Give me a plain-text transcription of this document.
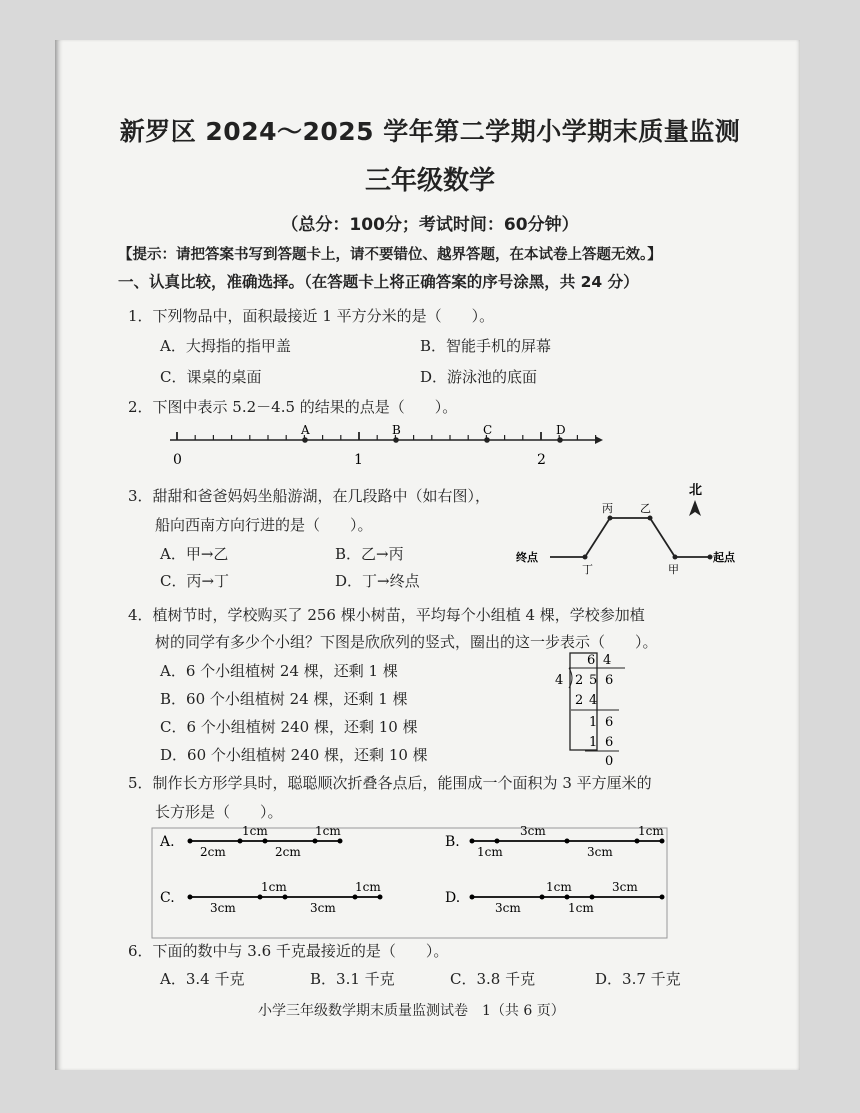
新罗区 2024～2025 学年第二学期小学期末质量监测
三年级数学
（总分：100分；考试时间：60分钟）
【提示：请把答案书写到答题卡上，请不要错位、越界答题，在本试卷上答题无效。】
一、认真比较，准确选择。（在答题卡上将正确答案的序号涂黑，共 24 分）
1．下列物品中，面积最接近 1 平方分米的是（　　）。
A．大拇指的指甲盖	B．智能手机的屏幕
C．课桌的桌面	D．游泳池的底面
2．下图中表示 5.2－4.5 的结果的点是（　　）。
0	1	2
A	B	C	D
3．甜甜和爸爸妈妈坐船游湖，在几段路中（如右图），
船向西南方向行进的是（　　）。
A．甲→乙	B．乙→丙
C．丙→丁	D．丁→终点
终点	起点
丁
丙 乙
甲
北
4．植树节时，学校购买了 256 棵小树苗，平均每个小组植 4 棵，学校参加植
树的同学有多少个小组？下图是欣欣列的竖式，圈出的这一步表示（　　）。
A．6 个小组植树 24 棵，还剩 1 棵
B．60 个小组植树 24 棵，还剩 1 棵
C．6 个小组植树 240 棵，还剩 10 棵
D．60 个小组植树 240 棵，还剩 10 棵
6 4
4 2 5 6
2 4
1 6
1 6
0
5．制作长方形学具时，聪聪顺次折叠各点后，能围成一个面积为 3 平方厘米的
长方形是（　　）。
A.
2cm
1cm
2cm
1cm
B.
1cm
3cm
3cm
1cm
C.
3cm
1cm
3cm
1cm
D.
3cm
1cm
1cm
3cm
6．下面的数中与 3.6 千克最接近的是（　　）。
A．3.4 千克	B．3.1 千克	C．3.8 千克	D．3.7 千克
小学三年级数学期末质量监测试卷　1（共 6 页）
